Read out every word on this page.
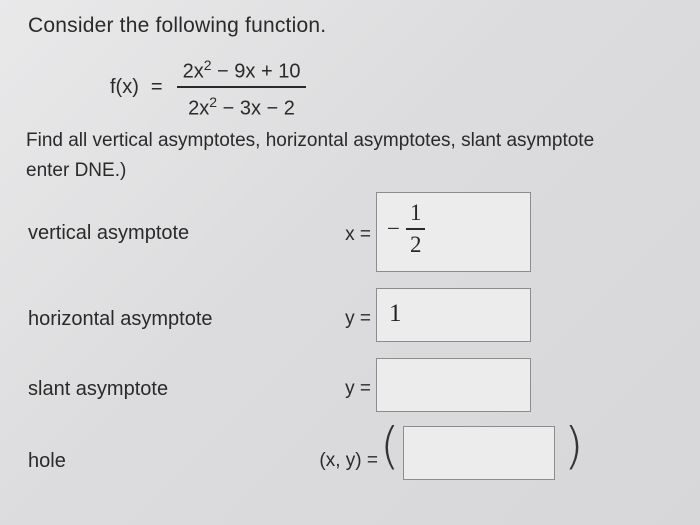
Consider the following function.
$f(x) = \frac{2x^2 - 9x + 10}{2x^2 - 3x - 2}$
Find all vertical asymptotes, horizontal asymptotes, slant asymptote
enter DNE.)
vertical asymptote	x = − $\frac{1}{2}$
horizontal asymptote	y = 1
slant asymptote	y =
hole	(x, y) = (	)
